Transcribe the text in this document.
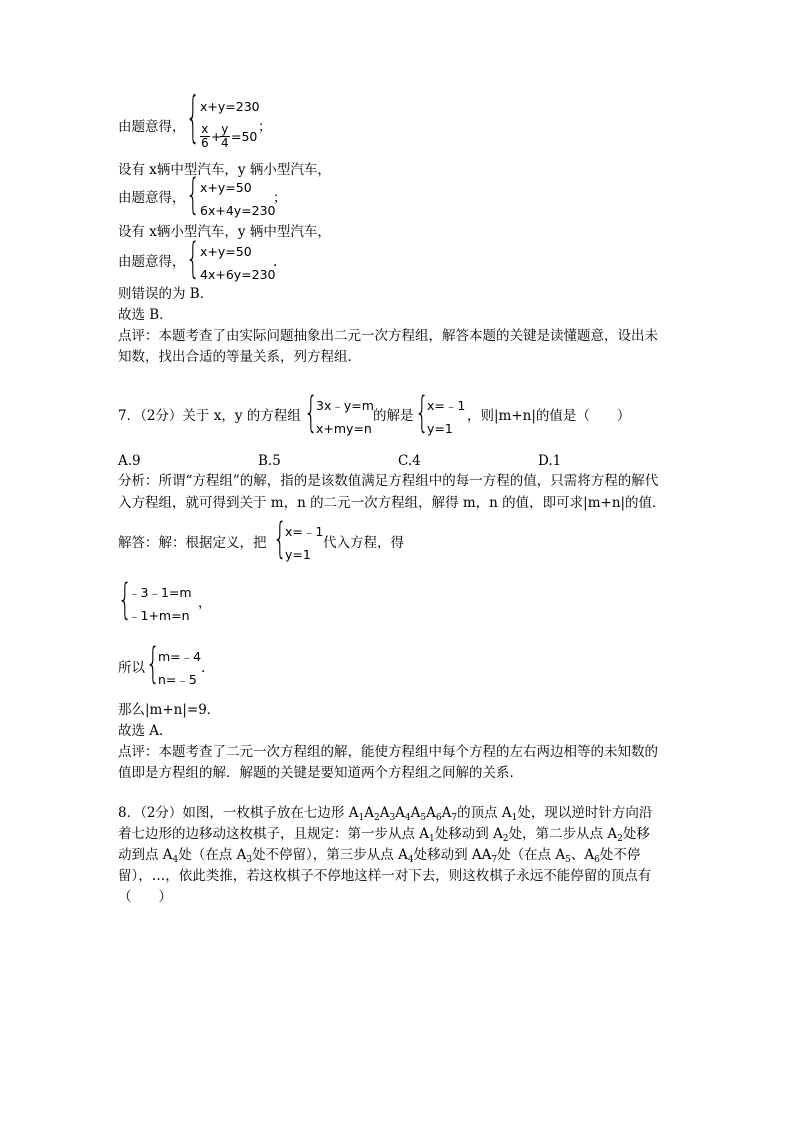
由题意得， { x+y=230
$\frac{x}{6}$ +
$\frac{y}{4} =50$
；
设有 x辆中型汽车，y 辆小型汽车，
由题意得， { x+y=50
6x+4y=230
；
设有 x辆小型汽车，y 辆中型汽车，
由题意得， { x+y=50
4x+6y=230
.
则错误的为 B．
故选 B．
点评：本题考查了由实际问题抽象出二元一次方程组，解答本题的关键是读懂题意，设出未
知数，找出合适的等量关系，列方程组．
7．（2分）关于 x，y 的方程组 {
3x﹣y=m
x+my=n
的解是 {
x=﹣1
y=1
，则|m+n|的值是（　　）
A.9	B.5	C.4	D.1
分析：所谓“方程组”的解，指的是该数值满足方程组中的每一方程的值，只需将方程的解代
入方程组，就可得到关于 m，n 的二元一次方程组，解得 m，n 的值，即可求|m+n|的值．
解答：解：根据定义，把 {
x=﹣1
y=1
代入方程，得
{
﹣3﹣1=m
﹣1+m=n
，
所以 {
m=﹣4
n=﹣5
.
那么|m+n|=9．
故选 A．
点评：本题考查了二元一次方程组的解，能使方程组中每个方程的左右两边相等的未知数的
值即是方程组的解．解题的关键是要知道两个方程组之间解的关系．
8．（2分）如图，一枚棋子放在七边形 $A_1A_2A_3A_4A_5A_6A_7$的顶点 $A_1$处，现以逆时针方向沿
着七边形的边移动这枚棋子，且规定：第一步从点 $A_1$处移动到 $A_2$处，第二步从点 $A_2$处移
动到点 $A_4$处（在点 $A_3$处不停留），第三步从点 $A_4$处移动到 $AA_7$处（在点 $A_5$、$A_6$处不停
留），…，依此类推，若这枚棋子不停地这样一对下去，则这枚棋子永远不能停留的顶点有
（　　）
